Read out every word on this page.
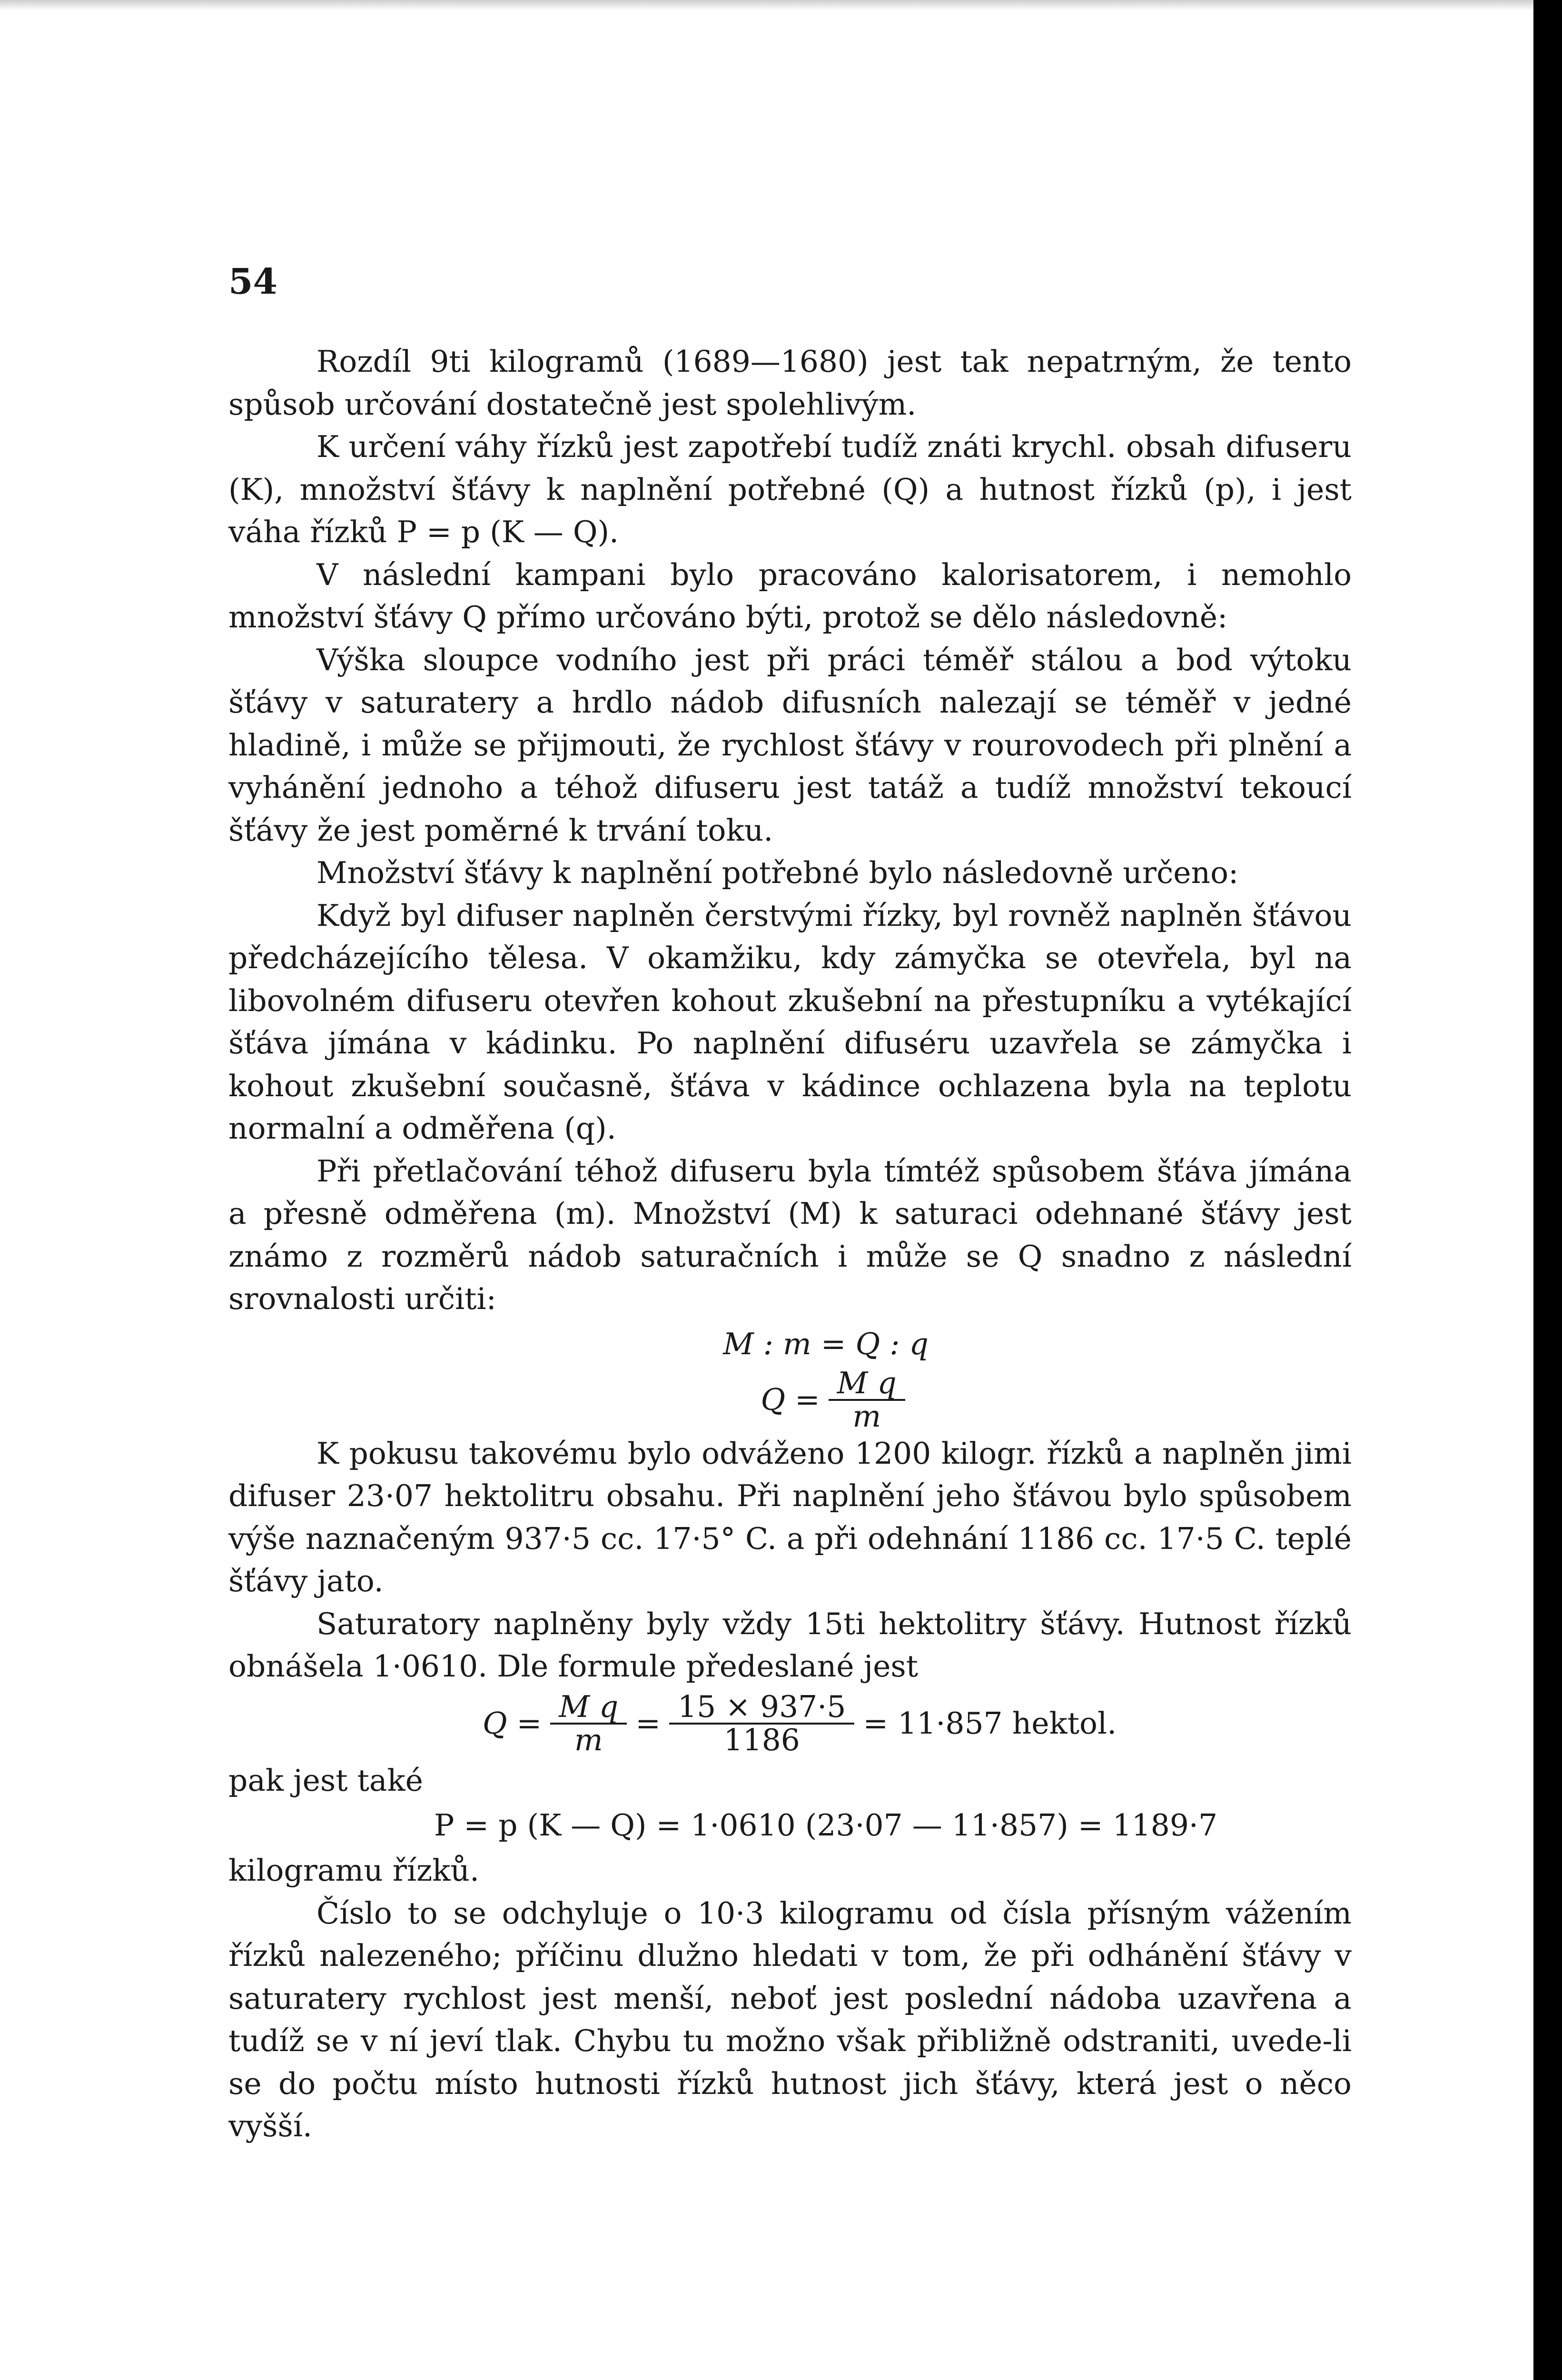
54

Rozdíl 9ti kilogramů (1689—1680) jest tak nepatrným, že tento spůsob určování dostatečně jest spolehlivým.

K určení váhy řízků jest zapotřebí tudíž znáti krychl. obsah difuseru (K), množství šťávy k naplnění potřebné (Q) a hutnost řízků (p), i jest váha řízků P = p (K — Q).

V následní kampani bylo pracováno kalorisatorem, i nemohlo množství šťávy Q přímo určováno býti, protož se dělo následovně:

Výška sloupce vodního jest při práci téměř stálou a bod výtoku šťávy v saturatery a hrdlo nádob difusních nalezají se téměř v jedné hladině, i může se přijmouti, že rychlost šťávy v rourovodech při plnění a vyhánění jednoho a téhož difuseru jest tatáž a tudíž množství tekoucí šťávy že jest poměrné k trvání toku.

Množství šťávy k naplnění potřebné bylo následovně určeno:

Když byl difuser naplněn čerstvými řízky, byl rovněž naplněn šťávou předcházejícího tělesa. V okamžiku, kdy zámyčka se otevřela, byl na libovolném difuseru otevřen kohout zkušební na přestupníku a vytékající šťáva jímána v kádinku. Po naplnění difuséru uzavřela se zámyčka i kohout zkušební současně, šťáva v kádince ochlazena byla na teplotu normalní a odměřena (q).

Při přetlačování téhož difuseru byla tímtéž spůsobem šťáva jímána a přesně odměřena (m). Množství (M) k saturaci odehnané šťávy jest známo z rozměrů nádob saturačních i může se Q snadno z následní srovnalosti určiti:

M : m = Q : q
$Q = \frac{\text{M q}}{m}$

K pokusu takovému bylo odváženo 1200 kilogr. řízků a naplněn jimi difuser 23·07 hektolitru obsahu. Při naplnění jeho šťávou bylo spůsobem výše naznačeným 937·5 cc. 17·5° C. a při odehnání 1186 cc. 17·5 C. teplé šťávy jato.

Saturatory naplněny byly vždy 15ti hektolitry šťávy. Hutnost řízků obnášela 1·0610. Dle formule předeslané jest

$Q = \frac{\text{M q}}{m} = \frac{15 \times 937\cdot 5}{1186} = 11\cdot 857$ hektol.

pak jest také

P = p (K — Q) = 1·0610 (23·07 — 11·857) = 1189·7

kilogramu řízků.

Číslo to se odchyluje o 10·3 kilogramu od čísla přísným vážením řízků nalezeného; příčinu dlužno hledati v tom, že při odhánění šťávy v saturatery rychlost jest menší, neboť jest poslední nádoba uzavřena a tudíž se v ní jeví tlak. Chybu tu možno však přibližně odstraniti, uvede-li se do počtu místo hutnosti řízků hutnost jich šťávy, která jest o něco vyšší.
